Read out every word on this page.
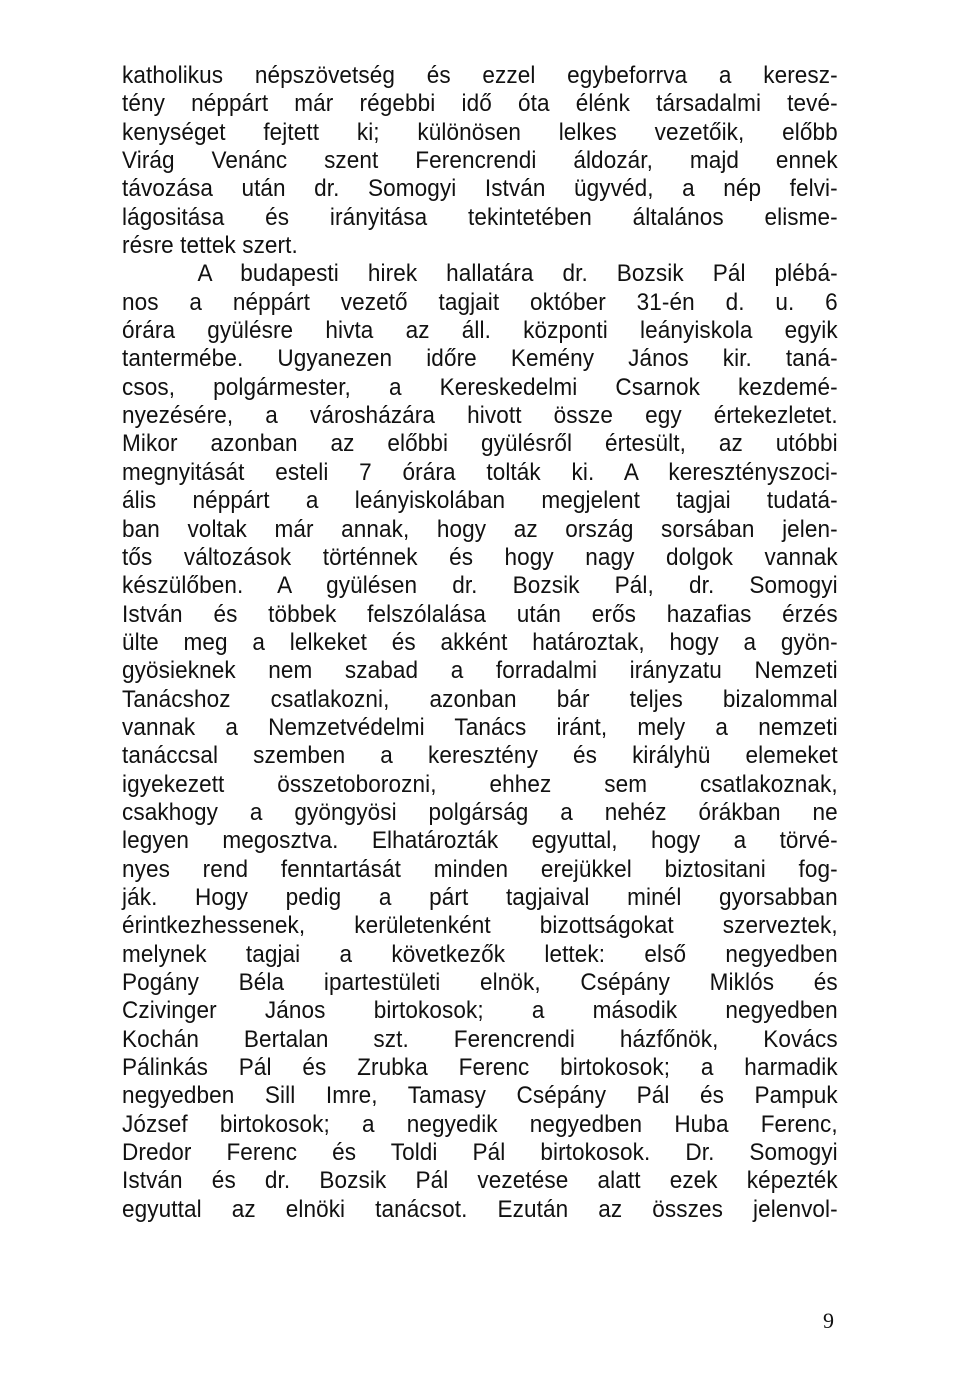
katholikus népszövetség és ezzel egybeforrva a keresz-
tény néppárt már régebbi idő óta élénk társadalmi tevé-
kenységet fejtett ki; különösen lelkes vezetőik, előbb
Virág Venánc szent Ferencrendi áldozár, majd ennek
távozása után dr. Somogyi István ügyvéd, a nép felvi-
lágositása és irányitása tekintetében általános elisme-
résre tettek szert.
A budapesti hirek hallatára dr. Bozsik Pál plébá-
nos a néppárt vezető tagjait október 31-én d. u. 6
órára gyülésre hivta az áll. központi leányiskola egyik
tantermébe. Ugyanezen időre Kemény János kir. taná-
csos, polgármester, a Kereskedelmi Csarnok kezdemé-
nyezésére, a városházára hivott össze egy értekezletet.
Mikor azonban az előbbi gyülésről értesült, az utóbbi
megnyitását esteli 7 órára tolták ki. A keresztényszoci-
ális néppárt a leányiskolában megjelent tagjai tudatá-
ban voltak már annak, hogy az ország sorsában jelen-
tős változások történnek és hogy nagy dolgok vannak
készülőben. A gyülésen dr. Bozsik Pál, dr. Somogyi
István és többek felszólalása után erős hazafias érzés
ülte meg a lelkeket és akként határoztak, hogy a gyön-
gyösieknek nem szabad a forradalmi irányzatu Nemzeti
Tanácshoz csatlakozni, azonban bár teljes bizalommal
vannak a Nemzetvédelmi Tanács iránt, mely a nemzeti
tanáccsal szemben a keresztény és királyhü elemeket
igyekezett összetoborozni, ehhez sem csatlakoznak,
csakhogy a gyöngyösi polgárság a nehéz órákban ne
legyen megosztva. Elhatározták egyuttal, hogy a törvé-
nyes rend fenntartását minden erejükkel biztositani fog-
ják. Hogy pedig a párt tagjaival minél gyorsabban
érintkezhessenek, kerületenként bizottságokat szerveztek,
melynek tagjai a következők lettek: első negyedben
Pogány Béla ipartestületi elnök, Csépány Miklós és
Czivinger János birtokosok; a második negyedben
Kochán Bertalan szt. Ferencrendi házfőnök, Kovács
Pálinkás Pál és Zrubka Ferenc birtokosok; a harmadik
negyedben Sill Imre, Tamasy Csépány Pál és Pampuk
József birtokosok; a negyedik negyedben Huba Ferenc,
Dredor Ferenc és Toldi Pál birtokosok. Dr. Somogyi
István és dr. Bozsik Pál vezetése alatt ezek képezték
egyuttal az elnöki tanácsot. Ezután az összes jelenvol-
9
